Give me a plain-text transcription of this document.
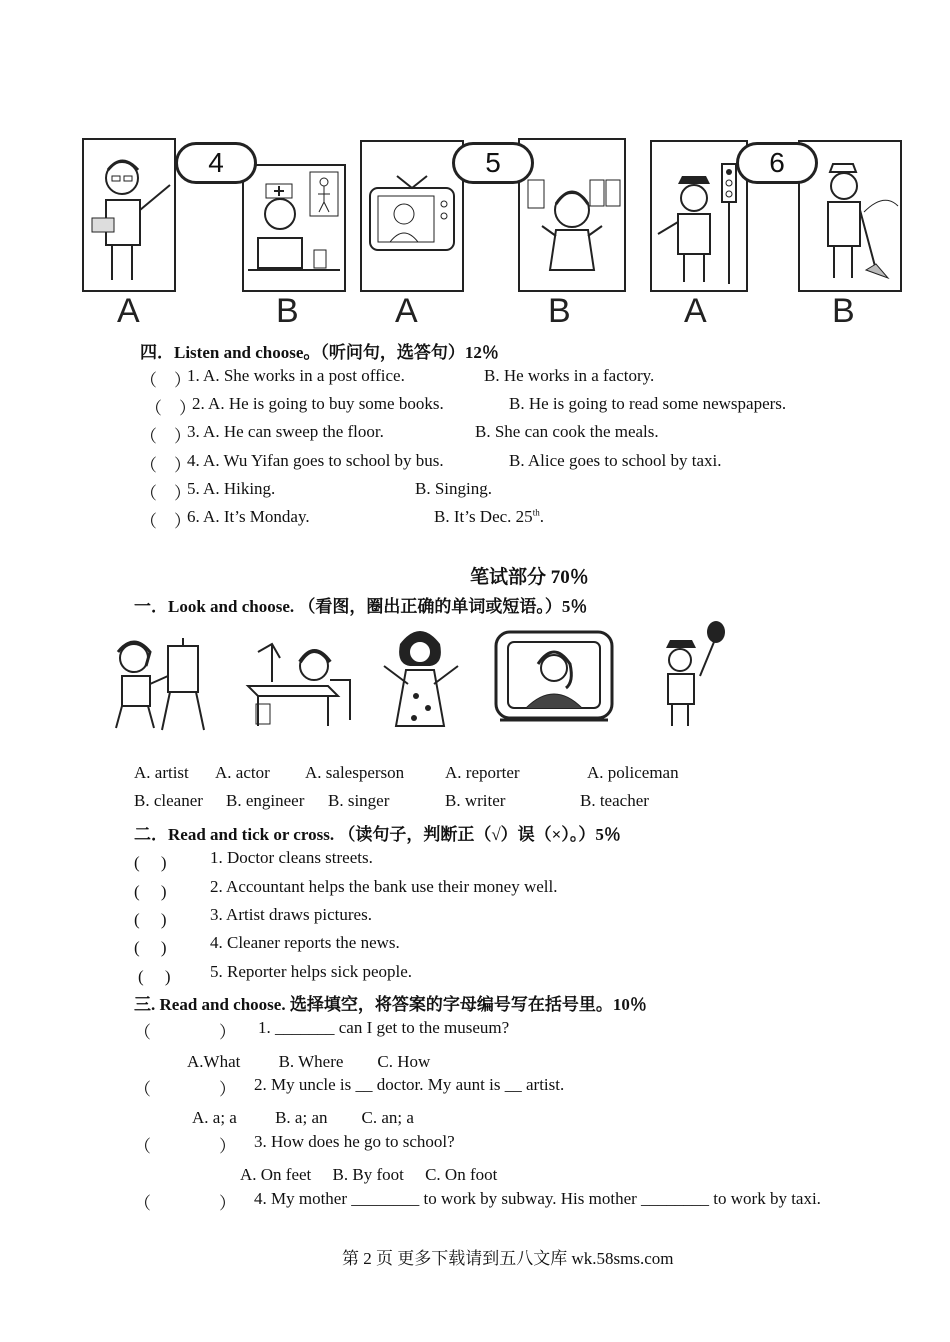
4
A	B
5
A	B
6
A	B
四．Listen and choose。（听问句，选答句）12％
（　）
1. A. She works in a post office.	B. He works in a factory.
（　）
2. A. He is going to buy some books.	B. He is going to read some newspapers.
（　）
3. A. He can sweep the floor.	B. She can cook the meals.
（　）
4. A. Wu Yifan goes to school by bus.	B. Alice goes to school by taxi.
（　）
5. A. Hiking.	B. Singing.
（　）
6. A. It’s Monday.	B. It’s Dec. 25th.
笔试部分 70％
一．Look and choose. （看图，圈出正确的单词或短语。）5％
A. artist A. actor A. salesperson A. reporter	A. policeman
B. cleaner B. engineer B. singer	B. writer	B. teacher
二．Read and tick or cross. （读句子，判断正（√）误（×）。）5％
(　 )	1. Doctor cleans streets.
(　 )	2. Accountant helps the bank use their money well.
(　 )	3. Artist draws pictures.
(　 )	4. Cleaner reports the news.
(　 ) 5. Reporter helps sick people.
三. Read and choose. 选择填空，将答案的字母编号写在括号里。10％
（　　　　） 1. _______ can I get to the museum?
A.What　　 B. Where　　C. How
（　　　　） 2. My uncle is __ doctor. My aunt is __ artist.
A. a; a　　 B. a; an　　C. an; a
（　　　　） 3. How does he go to school?
A. On feet　 B. By foot　 C. On foot
（　　　　） 4. My mother ________ to work by subway. His mother ________ to work by taxi.
第 2 页 更多下载请到五八文库 wk.58sms.com
